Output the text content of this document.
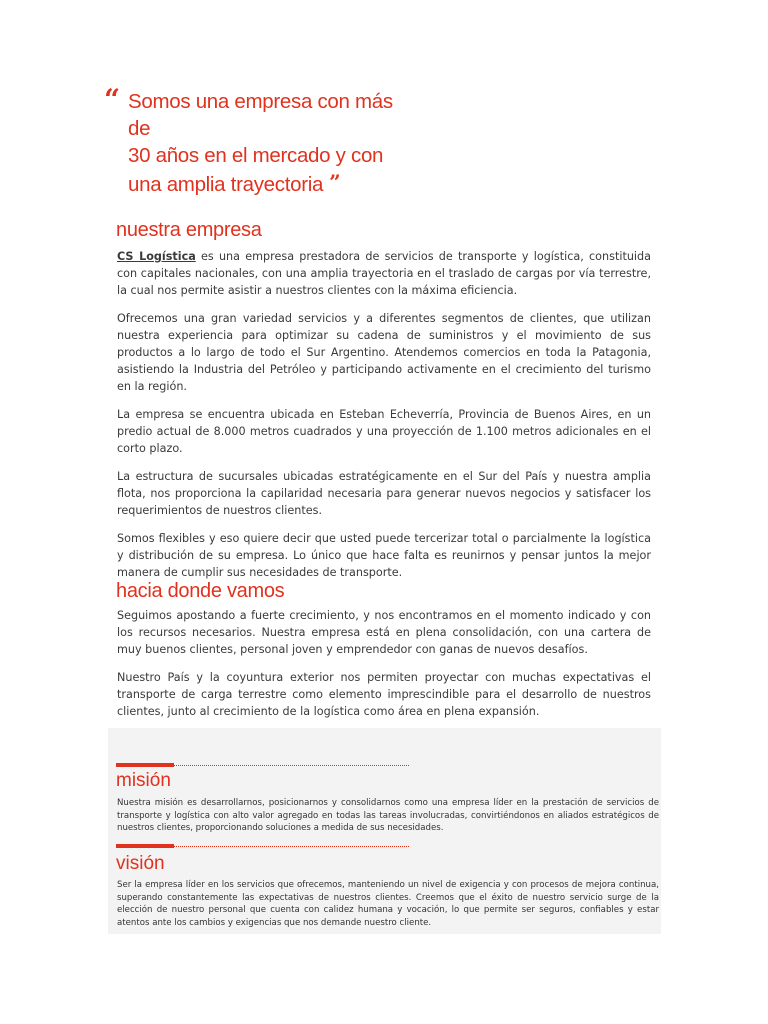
“ Somos una empresa con más de
30 años en el mercado y con
una amplia trayectoria ”
nuestra empresa

CS Logística es una empresa prestadora de servicios de transporte y logística, constituida con capitales nacionales, con una amplia trayectoria en el traslado de cargas por vía terrestre, la cual nos permite asistir a nuestros clientes con la máxima eficiencia.

Ofrecemos una gran variedad servicios y a diferentes segmentos de clientes, que utilizan nuestra experiencia para optimizar su cadena de suministros y el movimiento de sus productos a lo largo de todo el Sur Argentino. Atendemos comercios en toda la Patagonia, asistiendo la Industria del Petróleo y participando activamente en el crecimiento del turismo en la región.

La empresa se encuentra ubicada en Esteban Echeverría, Provincia de Buenos Aires, en un predio actual de 8.000 metros cuadrados y una proyección de 1.100 metros adicionales en el corto plazo.

La estructura de sucursales ubicadas estratégicamente en el Sur del País y nuestra amplia flota, nos proporciona la capilaridad necesaria para generar nuevos negocios y satisfacer los requerimientos de nuestros clientes.

Somos flexibles y eso quiere decir que usted puede tercerizar total o parcialmente la logística y distribución de su empresa. Lo único que hace falta es reunirnos y pensar juntos la mejor manera de cumplir sus necesidades de transporte.

hacia donde vamos

Seguimos apostando a fuerte crecimiento, y nos encontramos en el momento indicado y con los recursos necesarios. Nuestra empresa está en plena consolidación, con una cartera de muy buenos clientes, personal joven y emprendedor con ganas de nuevos desafíos.

Nuestro País y la coyuntura exterior nos permiten proyectar con muchas expectativas el transporte de carga terrestre como elemento imprescindible para el desarrollo de nuestros clientes, junto al crecimiento de la logística como área en plena expansión.

misión
Nuestra misión es desarrollarnos, posicionarnos y consolidarnos como una empresa líder en la prestación de servicios de transporte y logística con alto valor agregado en todas las tareas involucradas, convirtiéndonos en aliados estratégicos de nuestros clientes, proporcionando soluciones a medida de sus necesidades.
visión
Ser la empresa líder en los servicios que ofrecemos, manteniendo un nivel de exigencia y con procesos de mejora continua, superando constantemente las expectativas de nuestros clientes. Creemos que el éxito de nuestro servicio surge de la elección de nuestro personal que cuenta con calidez humana y vocación, lo que permite ser seguros, confiables y estar atentos ante los cambios y exigencias que nos demande nuestro cliente.
